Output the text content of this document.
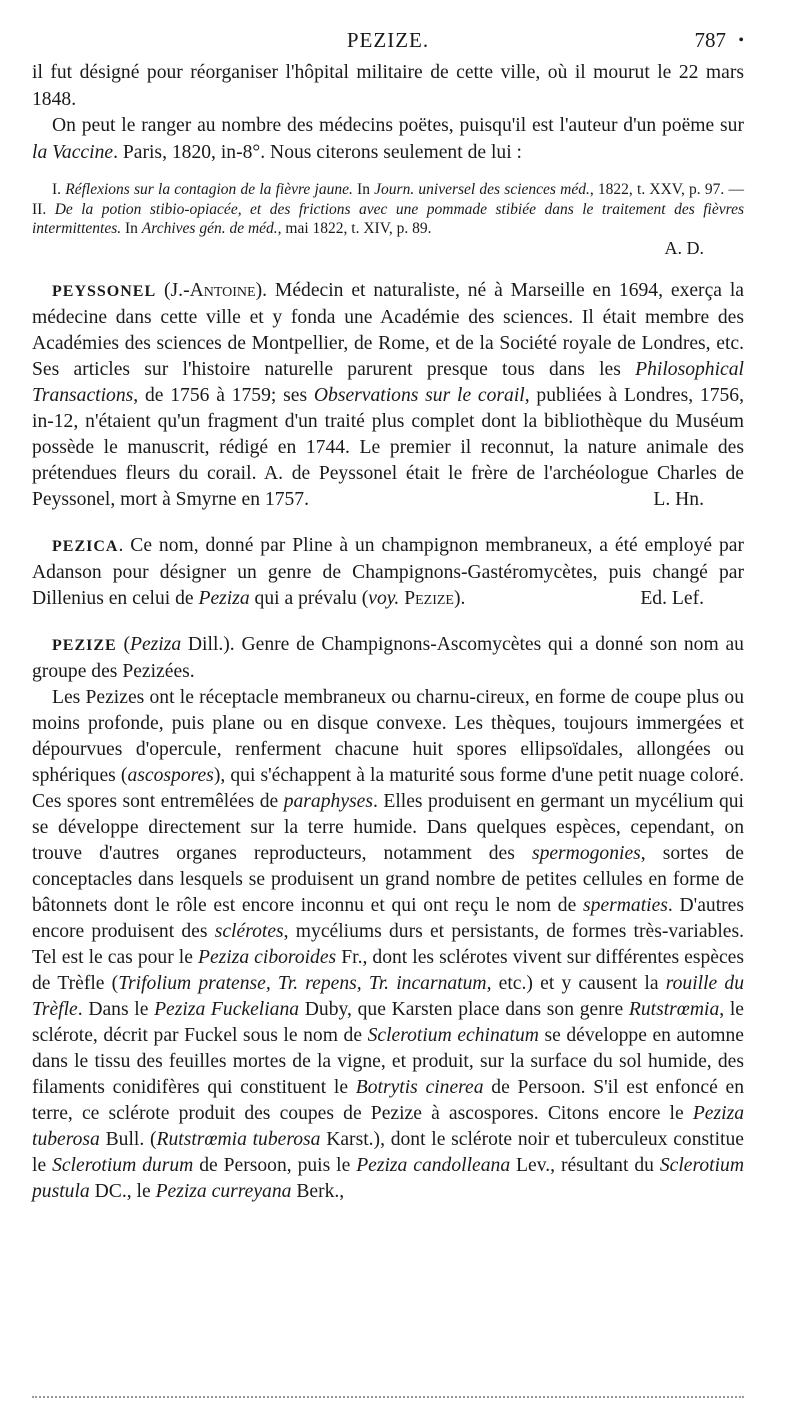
PEZIZE.	787 •

il fut désigné pour réorganiser l'hôpital militaire de cette ville, où il mourut le 22 mars 1848.

On peut le ranger au nombre des médecins poëtes, puisqu'il est l'auteur d'un poëme sur la Vaccine. Paris, 1820, in-8°. Nous citerons seulement de lui :

I. Réflexions sur la contagion de la fièvre jaune. In Journ. universel des sciences méd., 1822, t. XXV, p. 97. — II. De la potion stibio-opiacée, et des frictions avec une pommade stibiée dans le traitement des fièvres intermittentes. In Archives gén. de méd., mai 1822, t. XIV, p. 89.

A. D.

PEYSSONEL (J.-Antoine). Médecin et naturaliste, né à Marseille en 1694, exerça la médecine dans cette ville et y fonda une Académie des sciences. Il était membre des Académies des sciences de Montpellier, de Rome, et de la Société royale de Londres, etc. Ses articles sur l'histoire naturelle parurent presque tous dans les Philosophical Transactions, de 1756 à 1759; ses Observations sur le corail, publiées à Londres, 1756, in-12, n'étaient qu'un fragment d'un traité plus complet dont la bibliothèque du Muséum possède le manuscrit, rédigé en 1744. Le premier il reconnut, la nature animale des prétendues fleurs du corail. A. de Peyssonel était le frère de l'archéologue Charles de Peyssonel, mort à Smyrne en 1757.	L. Hn.

PEZICA. Ce nom, donné par Pline à un champignon membraneux, a été employé par Adanson pour désigner un genre de Champignons-Gastéromycètes, puis changé par Dillenius en celui de Peziza qui a prévalu (voy. Pezize).	Ed. Lef.

PEZIZE (Peziza Dill.). Genre de Champignons-Ascomycètes qui a donné son nom au groupe des Pezizées.

Les Pezizes ont le réceptacle membraneux ou charnu-cireux, en forme de coupe plus ou moins profonde, puis plane ou en disque convexe. Les thèques, toujours immergées et dépourvues d'opercule, renferment chacune huit spores ellipsoïdales, allongées ou sphériques (ascospores), qui s'échappent à la maturité sous forme d'une petit nuage coloré. Ces spores sont entremêlées de paraphyses. Elles produisent en germant un mycélium qui se développe directement sur la terre humide. Dans quelques espèces, cependant, on trouve d'autres organes reproducteurs, notamment des spermogonies, sortes de conceptacles dans lesquels se produisent un grand nombre de petites cellules en forme de bâtonnets dont le rôle est encore inconnu et qui ont reçu le nom de spermaties. D'autres encore produisent des sclérotes, mycéliums durs et persistants, de formes très-variables. Tel est le cas pour le Peziza ciboroides Fr., dont les sclérotes vivent sur différentes espèces de Trèfle (Trifolium pratense, Tr. repens, Tr. incarnatum, etc.) et y causent la rouille du Trèfle. Dans le Peziza Fuckeliana Duby, que Karsten place dans son genre Rutstrœmia, le sclérote, décrit par Fuckel sous le nom de Sclerotium echinatum se développe en automne dans le tissu des feuilles mortes de la vigne, et produit, sur la surface du sol humide, des filaments conidifères qui constituent le Botrytis cinerea de Persoon. S'il est enfoncé en terre, ce sclérote produit des coupes de Pezize à ascospores. Citons encore le Peziza tuberosa Bull. (Rutstrœmia tuberosa Karst.), dont le sclérote noir et tuberculeux constitue le Sclerotium durum de Persoon, puis le Peziza candolleana Lev., résultant du Sclerotium pustula DC., le Peziza curreyana Berk.,
